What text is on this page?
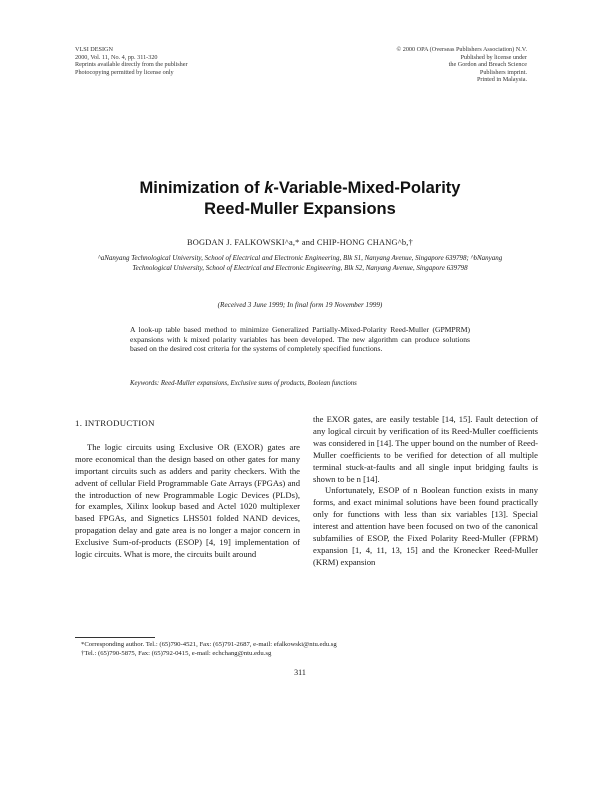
VLSI DESIGN
2000, Vol. 11, No. 4, pp. 311-320
Reprints available directly from the publisher
Photocopying permitted by license only
© 2000 OPA (Overseas Publishers Association) N.V.
Published by license under
the Gordon and Breach Science
Publishers imprint.
Printed in Malaysia.
Minimization of k-Variable-Mixed-Polarity
Reed-Muller Expansions
BOGDAN J. FALKOWSKI^a,* and CHIP-HONG CHANG^b,†
^aNanyang Technological University, School of Electrical and Electronic Engineering, Blk S1, Nanyang Avenue, Singapore 639798; ^bNanyang Technological University, School of Electrical and Electronic Engineering, Blk S2, Nanyang Avenue, Singapore 639798
(Received 3 June 1999; In final form 19 November 1999)
A look-up table based method to minimize Generalized Partially-Mixed-Polarity Reed-Muller (GPMPRM) expansions with k mixed polarity variables has been developed. The new algorithm can produce solutions based on the desired cost criteria for the systems of completely specified functions.
Keywords: Reed-Muller expansions, Exclusive sums of products, Boolean functions
1. INTRODUCTION

The logic circuits using Exclusive OR (EXOR) gates are more economical than the design based on other gates for many important circuits such as adders and parity checkers. With the advent of cellular Field Programmable Gate Arrays (FPGAs) and the introduction of new Programmable Logic Devices (PLDs), for examples, Xilinx lookup based and Actel 1020 multiplexer based FPGAs, and Signetics LHS501 folded NAND devices, propagation delay and gate area is no longer a major concern in Exclusive Sum-of-products (ESOP) [4, 19] implementation of logic circuits. What is more, the circuits built around

the EXOR gates, are easily testable [14, 15]. Fault detection of any logical circuit by verification of its Reed-Muller coefficients was considered in [14]. The upper bound on the number of Reed-Muller coefficients to be verified for detection of all multiple terminal stuck-at-faults and all single input bridging faults is shown to be n [14].

Unfortunately, ESOP of n Boolean function exists in many forms, and exact minimal solutions have been found practically only for functions with less than six variables [13]. Special interest and attention have been focused on two of the canonical subfamilies of ESOP, the Fixed Polarity Reed-Muller (FPRM) expansion [1, 4, 11, 13, 15] and the Kronecker Reed-Muller (KRM) expansion

*Corresponding author. Tel.: (65)790-4521, Fax: (65)791-2687, e-mail: efalkowski@ntu.edu.sg
†Tel.: (65)790-5875, Fax: (65)792-0415, e-mail: echchang@ntu.edu.sg
311
